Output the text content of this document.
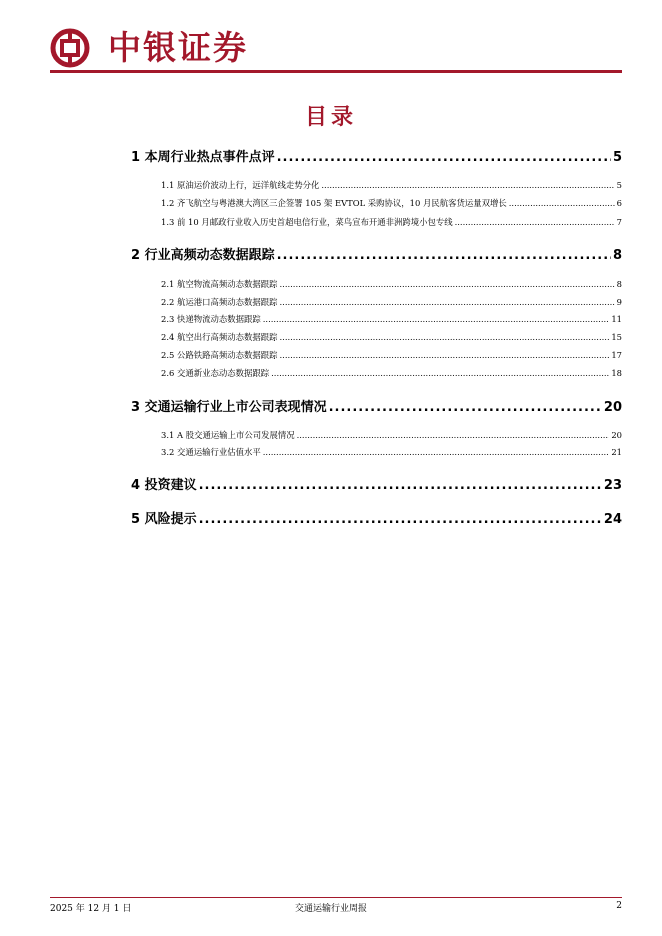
中银证券
目录
1
本周行业热点事件点评 .....	5
1.1
原油运价波动上行，远洋航线走势分化 .....	5
1.2
齐飞航空与粤港澳大湾区三企签署 105 架 EVTOL 采购协议，10 月民航客货运量双增长 .....	6
1.3
前 10 月邮政行业收入历史首超电信行业，菜鸟宣布开通非洲跨境小包专线 .....	7
2
行业高频动态数据跟踪 .....	8
2.1
航空物流高频动态数据跟踪 .....	8
2.2
航运港口高频动态数据跟踪 .....	9
2.3
快递物流动态数据跟踪 .....	11
2.4
航空出行高频动态数据跟踪 .....	15
2.5
公路铁路高频动态数据跟踪 .....	17
2.6
交通新业态动态数据跟踪 .....	18
3
交通运输行业上市公司表现情况 .....	20
3.1
A 股交通运输上市公司发展情况 .....	20
3.2
交通运输行业估值水平 .....	21
4
投资建议 .....	23
5
风险提示 .....	24
2025 年 12 月 1 日	交通运输行业周报	2
